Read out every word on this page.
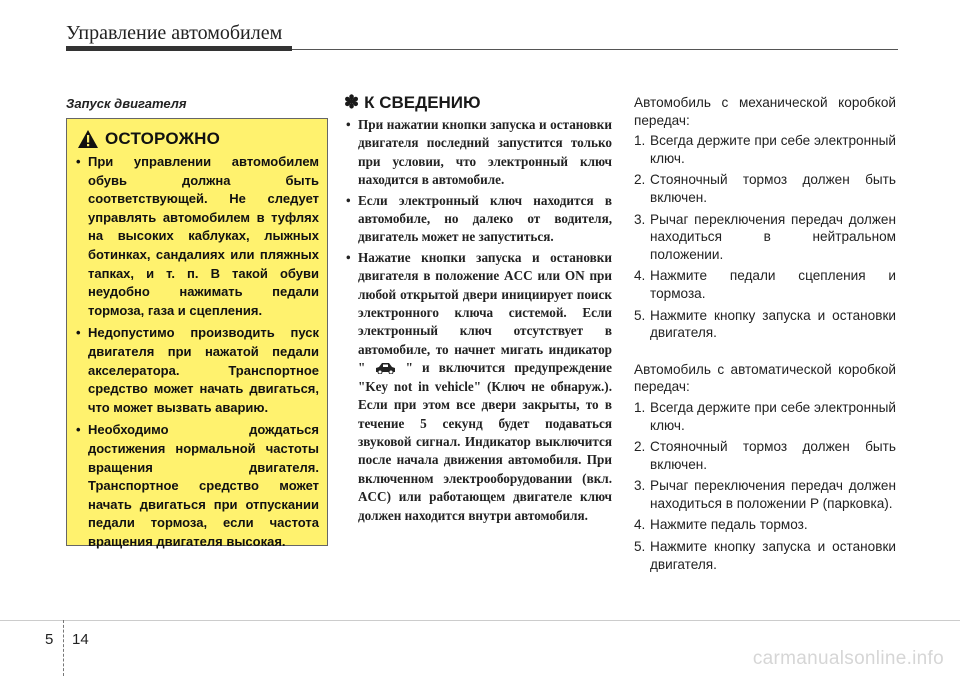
Управление автомобилем
Запуск двигателя
ОСТОРОЖНО
• При управлении автомобилем обувь должна быть соответствующей. Не следует управлять автомобилем в туфлях на высоких каблуках, лыжных ботинках, сандалиях или пляжных тапках, и т. п. В такой обуви неудобно нажимать педали тормоза, газа и сцепления.
• Недопустимо производить пуск двигателя при нажатой педали акселератора. Транспортное средство может начать двигаться, что может вызвать аварию.
• Необходимо дождаться достижения нормальной частоты вращения двигателя. Транспортное средство может начать двигаться при отпускании педали тормоза, если частота вращения двигателя высокая.
✽ К СВЕДЕНИЮ
• При нажатии кнопки запуска и остановки двигателя последний запустится только при условии, что электронный ключ находится в автомобиле.
• Если электронный ключ находится в автомобиле, но далеко от водителя, двигатель может не запуститься.
• Нажатие кнопки запуска и остановки двигателя в положение ACC или ON при любой открытой двери инициирует поиск электронного ключа системой. Если электронный ключ отсутствует в автомобиле, то начнет мигать индикатор "	" и включится предупреждение "Key not in vehicle" (Ключ не обнаруж.). Если при этом все двери закрыты, то в течение 5 секунд будет подаваться звуковой сигнал. Индикатор выключится после начала движения автомобиля. При включенном электрооборудовании (вкл. ACC) или работающем двигателе ключ должен находится внутри автомобиля.

Автомобиль с механической коробкой передач:

1. Всегда держите при себе электронный ключ.
2. Стояночный тормоз должен быть включен.
3. Рычаг переключения передач должен находиться в нейтральном положении.
4. Нажмите педали сцепления и тормоза.
5. Нажмите кнопку запуска и остановки двигателя.

Автомобиль с автоматической коробкой передач:

1. Всегда держите при себе электронный ключ.
2. Стояночный тормоз должен быть включен.
3. Рычаг переключения передач должен находиться в положении P (парковка).
4. Нажмите педаль тормоз.
5. Нажмите кнопку запуска и остановки двигателя.
5 14
carmanualsonline.info
